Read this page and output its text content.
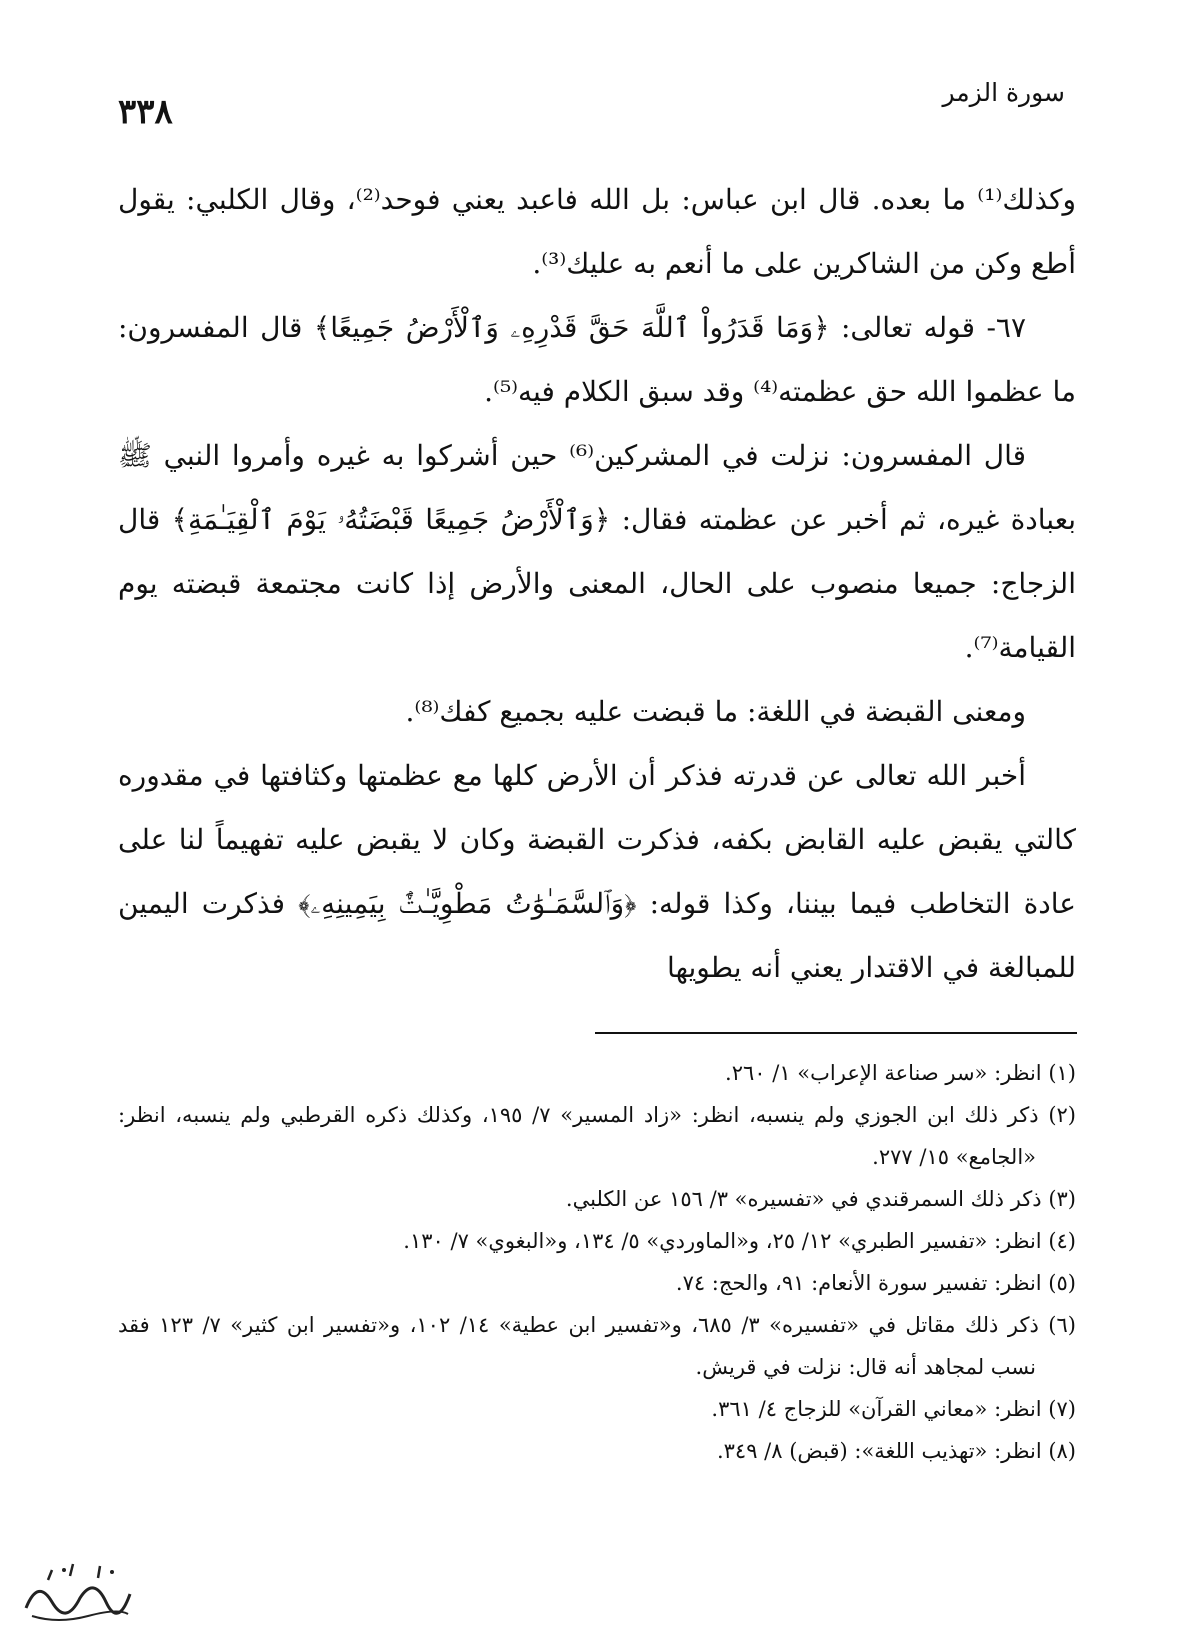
٣٣٨	سورة الزمر

وكذلك⁽¹⁾ ما بعده. قال ابن عباس: بل الله فاعبد يعني فوحد⁽²⁾، وقال الكلبي: يقول أطع وكن من الشاكرين على ما أنعم به عليك⁽³⁾.

٦٧- قوله تعالى: ﴿وَمَا قَدَرُواْ ٱللَّهَ حَقَّ قَدْرِهِۦ وَٱلْأَرْضُ جَمِيعًا﴾ قال المفسرون: ما عظموا الله حق عظمته⁽⁴⁾ وقد سبق الكلام فيه⁽⁵⁾.

قال المفسرون: نزلت في المشركين⁽⁶⁾ حين أشركوا به غيره وأمروا النبي ﷺ بعبادة غيره، ثم أخبر عن عظمته فقال: ﴿وَٱلْأَرْضُ جَمِيعًا قَبْضَتُهُۥ يَوْمَ ٱلْقِيَـٰمَةِ﴾ قال الزجاج: جميعا منصوب على الحال، المعنى والأرض إذا كانت مجتمعة قبضته يوم القيامة⁽⁷⁾.

ومعنى القبضة في اللغة: ما قبضت عليه بجميع كفك⁽⁸⁾.

أخبر الله تعالى عن قدرته فذكر أن الأرض كلها مع عظمتها وكثافتها في مقدوره كالتي يقبض عليه القابض بكفه، فذكرت القبضة وكان لا يقبض عليه تفهيماً لنا على عادة التخاطب فيما بيننا، وكذا قوله: ﴿وَٱلسَّمَـٰوَٰتُ مَطْوِيَّـٰتٌۢ بِيَمِينِهِۦ﴾ فذكرت اليمين للمبالغة في الاقتدار يعني أنه يطويها

(١) انظر: «سر صناعة الإعراب» ١/ ٢٦٠.

(٢) ذكر ذلك ابن الجوزي ولم ينسبه، انظر: «زاد المسير» ٧/ ١٩٥، وكذلك ذكره القرطبي ولم ينسبه، انظر: «الجامع» ١٥/ ٢٧٧.

(٣) ذكر ذلك السمرقندي في «تفسيره» ٣/ ١٥٦ عن الكلبي.

(٤) انظر: «تفسير الطبري» ١٢/ ٢٥، و«الماوردي» ٥/ ١٣٤، و«البغوي» ٧/ ١٣٠.

(٥) انظر: تفسير سورة الأنعام: ٩١، والحج: ٧٤.

(٦) ذكر ذلك مقاتل في «تفسيره» ٣/ ٦٨٥، و«تفسير ابن عطية» ١٤/ ١٠٢، و«تفسير ابن كثير» ٧/ ١٢٣ فقد نسب لمجاهد أنه قال: نزلت في قريش.

(٧) انظر: «معاني القرآن» للزجاج ٤/ ٣٦١.

(٨) انظر: «تهذيب اللغة»: (قبض) ٨/ ٣٤٩.
